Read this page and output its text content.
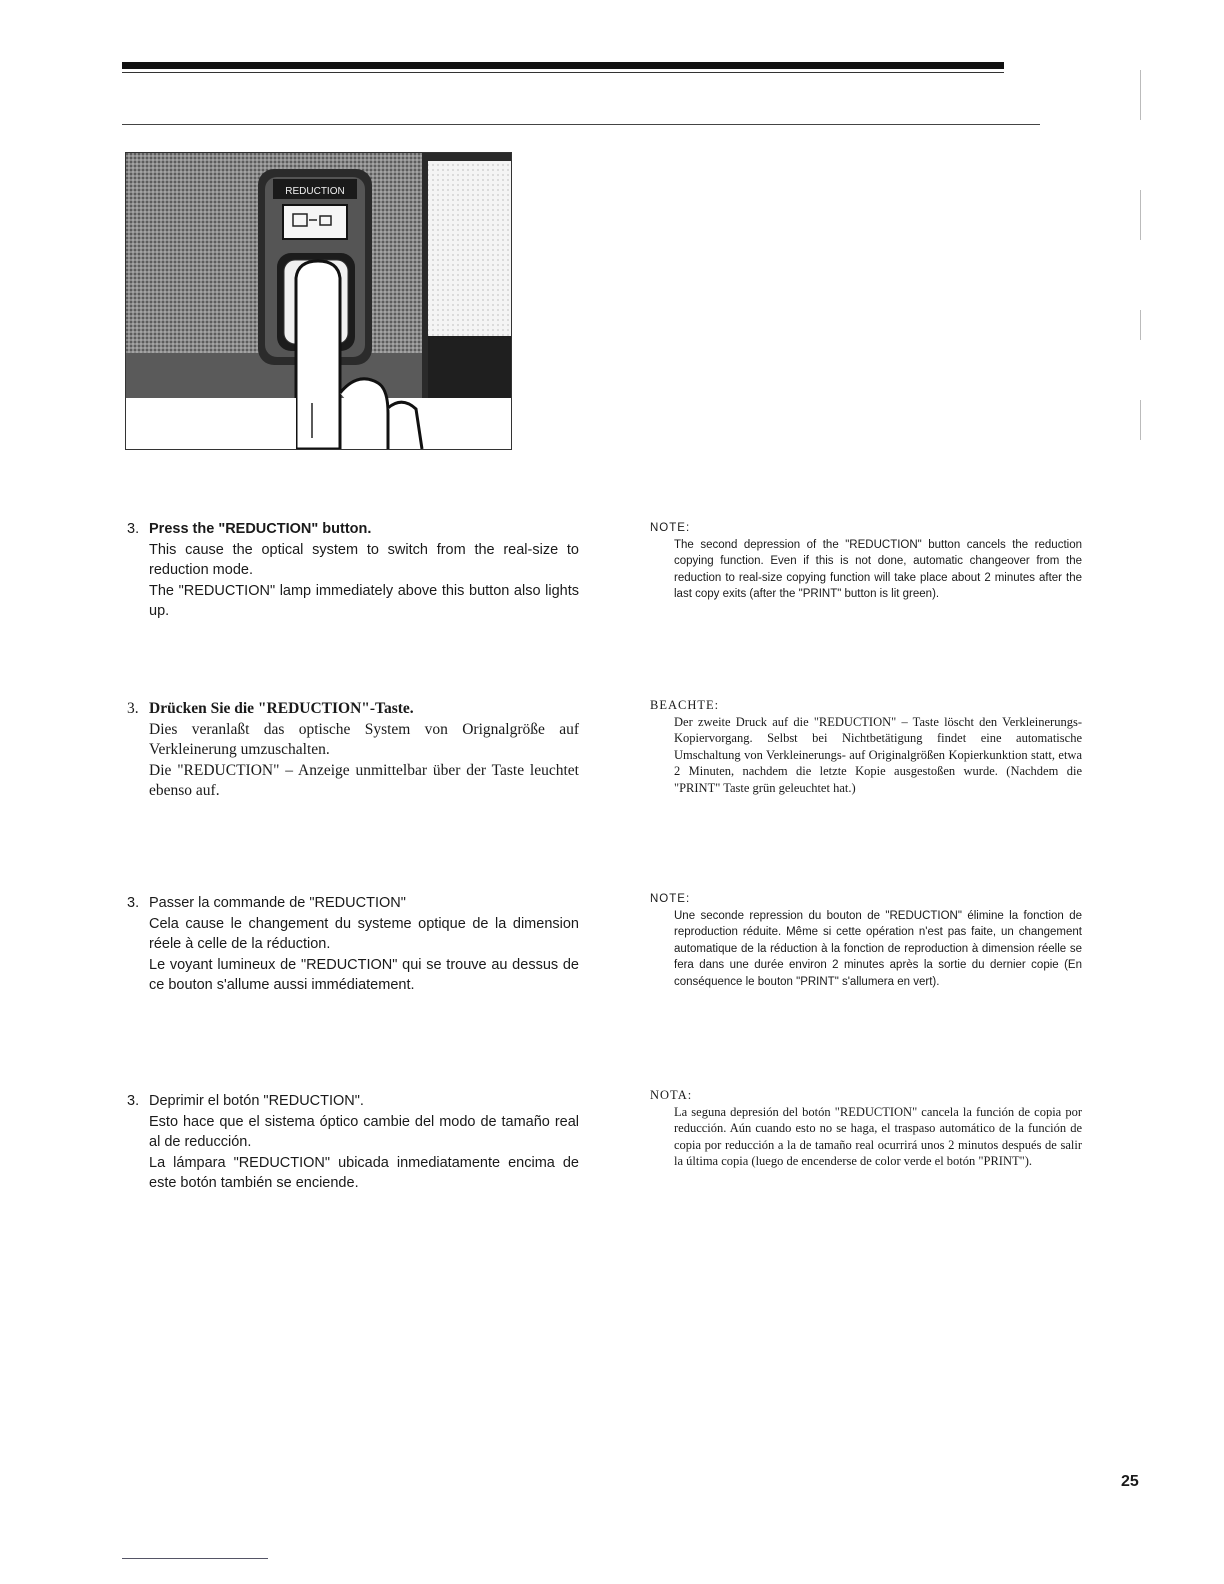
REDUCTION
3. Press the "REDUCTION" button.
This cause the optical system to switch from the real-size to reduction mode.
The "REDUCTION" lamp immediately above this button also lights up.
NOTE:
The second depression of the "REDUCTION" button cancels the reduction copying function. Even if this is not done, automatic changeover from the reduction to real-size copying function will take place about 2 minutes after the last copy exits (after the "PRINT" button is lit green).
3. Drücken Sie die "REDUCTION"-Taste.
Dies veranlaßt das optische System von Orignalgröße auf Verkleinerung umzuschalten.
Die "REDUCTION" – Anzeige unmittelbar über der Taste leuchtet ebenso auf.
BEACHTE:
Der zweite Druck auf die "REDUCTION" – Taste löscht den Verkleinerungs-Kopiervorgang. Selbst bei Nichtbetätigung findet eine automatische Umschaltung von Verkleinerungs- auf Originalgrößen Kopierkunktion statt, etwa 2 Minuten, nachdem die letzte Kopie ausgestoßen wurde. (Nachdem die "PRINT" Taste grün geleuchtet hat.)
3. Passer la commande de "REDUCTION"
Cela cause le changement du systeme optique de la dimension réele à celle de la réduction.
Le voyant lumineux de "REDUCTION" qui se trouve au dessus de ce bouton s'allume aussi immédiatement.
NOTE:
Une seconde repression du bouton de "REDUCTION" élimine la fonction de reproduction réduite. Même si cette opération n'est pas faite, un changement automatique de la réduction à la fonction de reproduction à dimension réelle se fera dans une durée environ 2 minutes après la sortie du dernier copie (En conséquence le bouton "PRINT" s'allumera en vert).
3. Deprimir el botón "REDUCTION".
Esto hace que el sistema óptico cambie del modo de tamaño real al de reducción.
La lámpara "REDUCTION" ubicada inmediatamente encima de este botón también se enciende.
NOTA:
La seguna depresión del botón "REDUCTION" cancela la función de copia por reducción. Aún cuando esto no se haga, el traspaso automático de la función de copia por reducción a la de tamaño real ocurrirá unos 2 minutos después de salir la última copia (luego de encenderse de color verde el botón "PRINT").
25
